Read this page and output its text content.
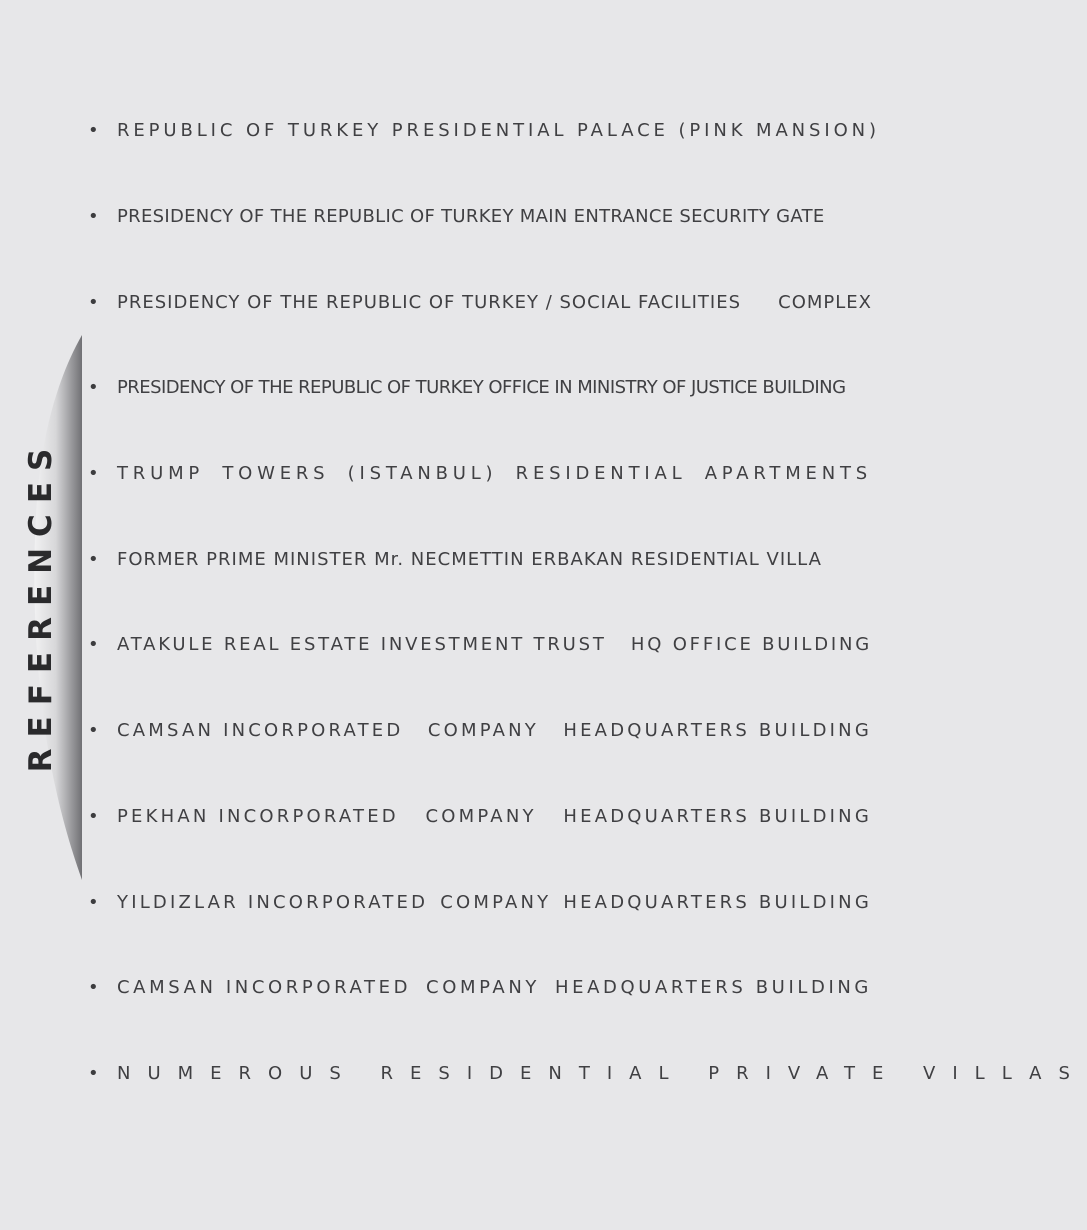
REFERENCES
•	REPUBLIC OF TURKEY PRESIDENTIAL PALACE (PINK MANSION)
•	PRESIDENCY OF THE REPUBLIC OF TURKEY MAIN ENTRANCE SECURITY GATE
•	PRESIDENCY OF THE REPUBLIC OF TURKEY / SOCIAL FACILITIES COMPLEX
•	PRESIDENCY OF THE REPUBLIC OF TURKEY OFFICE IN MINISTRY OF JUSTICE BUILDING
•	TRUMP TOWERS (ISTANBUL) RESIDENTIAL APARTMENTS
•	FORMER PRIME MINISTER Mr. NECMETTIN ERBAKAN RESIDENTIAL VILLA
•	ATAKULE REAL ESTATE INVESTMENT TRUST HQ OFFICE BUILDING
•	CAMSAN INCORPORATED COMPANY HEADQUARTERS BUILDING
•	PEKHAN INCORPORATED COMPANY HEADQUARTERS BUILDING
•	YILDIZLAR INCORPORATED COMPANY HEADQUARTERS BUILDING
•	CAMSAN INCORPORATED COMPANY HEADQUARTERS BUILDING
•	NUMEROUS RESIDENTIAL PRIVATE VILLAS
